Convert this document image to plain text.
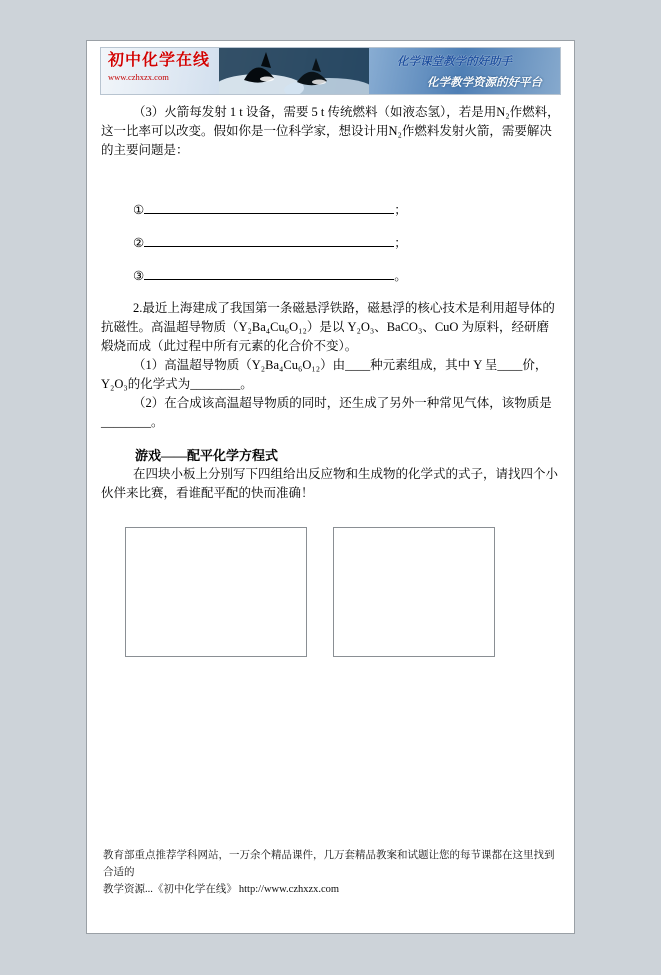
初中化学在线
www.czhxzx.com
化学课堂教学的好助手
化学教学资源的好平台

（3）火箭每发射 1 t 设备，需要 5 t 传统燃料（如液态氢），若是用N₂作燃料，这一比率可以改变。假如你是一位科学家，想设计用N₂作燃料发射火箭，需要解决的主要问题是：

①	；
②	；
③	。

2.最近上海建成了我国第一条磁悬浮铁路，磁悬浮的核心技术是利用超导体的抗磁性。高温超导物质（Y₂Ba₄Cu₆O₁₂）是以 Y₂O₃、BaCO₃、CuO 为原料，经研磨煅烧而成（此过程中所有元素的化合价不变）。

（1）高温超导物质（Y₂Ba₄Cu₆O₁₂）由____种元素组成，其中 Y 呈____价，Y₂O₃的化学式为________。

（2）在合成该高温超导物质的同时，还生成了另外一种常见气体，该物质是________。

游戏——配平化学方程式

在四块小板上分别写下四组给出反应物和生成物的化学式的式子，请找四个小伙伴来比赛，看谁配平配的快而准确！

教育部重点推荐学科网站，一万余个精品课件，几万套精品教案和试题让您的每节课都在这里找到合适的
教学资源...《初中化学在线》 http://www.czhxzx.com
